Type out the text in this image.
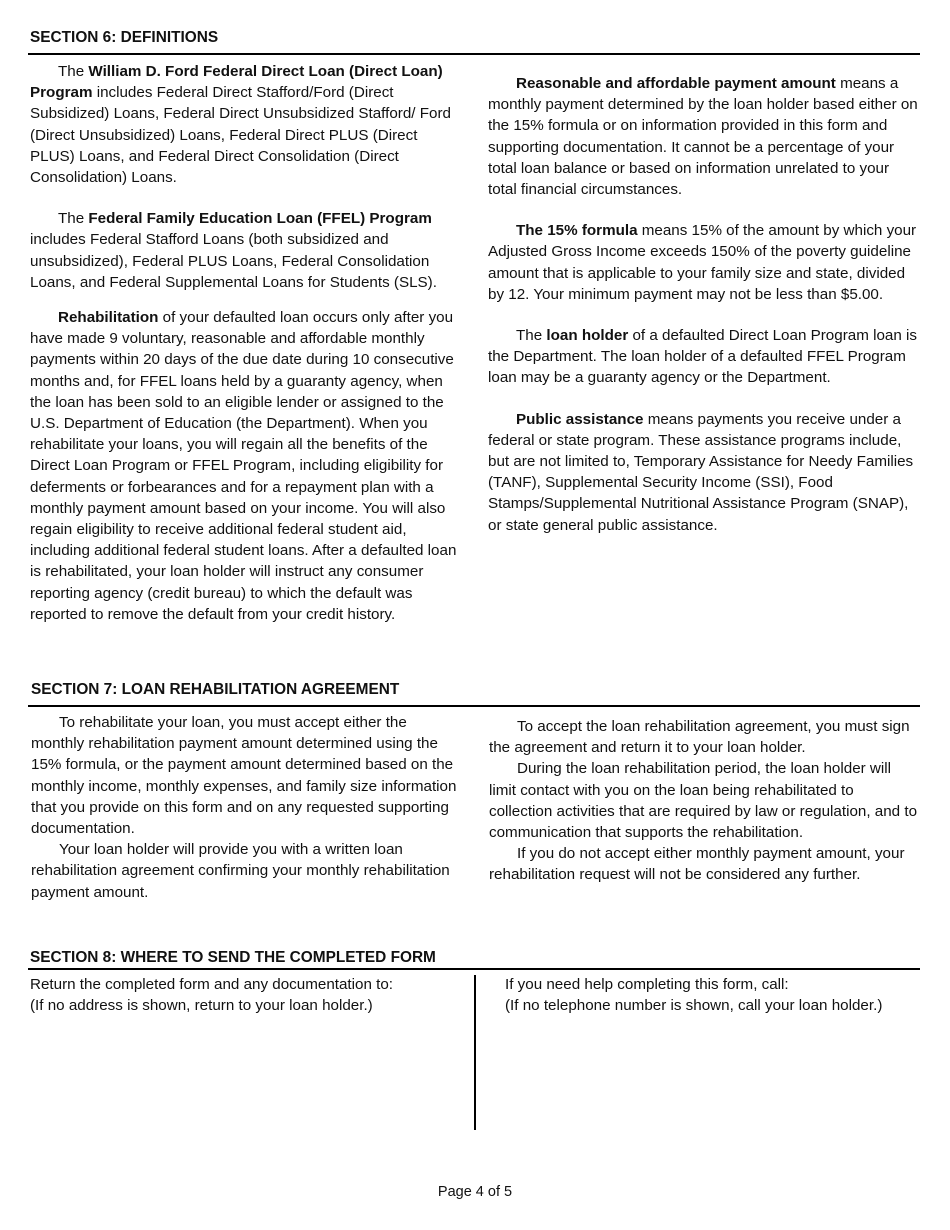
SECTION 6: DEFINITIONS

The William D. Ford Federal Direct Loan (Direct Loan) Program includes Federal Direct Stafford/Ford (Direct Subsidized) Loans, Federal Direct Unsubsidized Stafford/ Ford (Direct Unsubsidized) Loans, Federal Direct PLUS (Direct PLUS) Loans, and Federal Direct Consolidation (Direct Consolidation) Loans.

The Federal Family Education Loan (FFEL) Program includes Federal Stafford Loans (both subsidized and unsubsidized), Federal PLUS Loans, Federal Consolidation Loans, and Federal Supplemental Loans for Students (SLS).

Rehabilitation of your defaulted loan occurs only after you have made 9 voluntary, reasonable and affordable monthly payments within 20 days of the due date during 10 consecutive months and, for FFEL loans held by a guaranty agency, when the loan has been sold to an eligible lender or assigned to the U.S. Department of Education (the Department). When you rehabilitate your loans, you will regain all the benefits of the Direct Loan Program or FFEL Program, including eligibility for deferments or forbearances and for a repayment plan with a monthly payment amount based on your income. You will also regain eligibility to receive additional federal student aid, including additional federal student loans. After a defaulted loan is rehabilitated, your loan holder will instruct any consumer reporting agency (credit bureau) to which the default was reported to remove the default from your credit history.

Reasonable and affordable payment amount means a monthly payment determined by the loan holder based either on the 15% formula or on information provided in this form and supporting documentation. It cannot be a percentage of your total loan balance or based on information unrelated to your total financial circumstances.

The 15% formula means 15% of the amount by which your Adjusted Gross Income exceeds 150% of the poverty guideline amount that is applicable to your family size and state, divided by 12. Your minimum payment may not be less than $5.00.

The loan holder of a defaulted Direct Loan Program loan is the Department. The loan holder of a defaulted FFEL Program loan may be a guaranty agency or the Department.

Public assistance means payments you receive under a federal or state program. These assistance programs include, but are not limited to, Temporary Assistance for Needy Families (TANF), Supplemental Security Income (SSI), Food Stamps/Supplemental Nutritional Assistance Program (SNAP), or state general public assistance.

SECTION 7: LOAN REHABILITATION AGREEMENT

To rehabilitate your loan, you must accept either the monthly rehabilitation payment amount determined using the 15% formula, or the payment amount determined based on the monthly income, monthly expenses, and family size information that you provide on this form and on any requested supporting documentation.

Your loan holder will provide you with a written loan rehabilitation agreement confirming your monthly rehabilitation payment amount.

To accept the loan rehabilitation agreement, you must sign the agreement and return it to your loan holder.

During the loan rehabilitation period, the loan holder will limit contact with you on the loan being rehabilitated to collection activities that are required by law or regulation, and to communication that supports the rehabilitation.

If you do not accept either monthly payment amount, your rehabilitation request will not be considered any further.

SECTION 8: WHERE TO SEND THE COMPLETED FORM

Return the completed form and any documentation to:

(If no address is shown, return to your loan holder.)

If you need help completing this form, call:

(If no telephone number is shown, call your loan holder.)

Page 4 of 5
